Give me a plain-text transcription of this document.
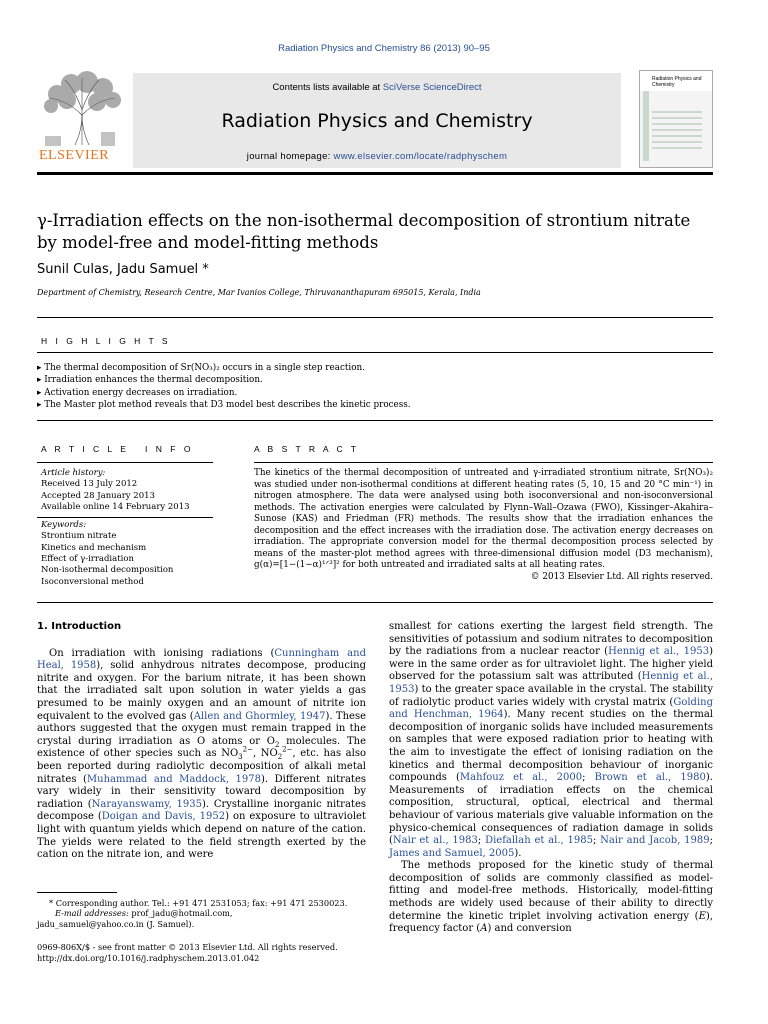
Radiation Physics and Chemistry 86 (2013) 90–95
ELSEVIER
Contents lists available at SciVerse ScienceDirect
Radiation Physics and Chemistry
journal homepage: www.elsevier.com/locate/radphyschem
Radiation Physics and Chemistry
γ-Irradiation effects on the non-isothermal decomposition of strontium nitrate by model-free and model-fitting methods
Sunil Culas, Jadu Samuel *
Department of Chemistry, Research Centre, Mar Ivanios College, Thiruvananthapuram 695015, Kerala, India
H I G H L I G H T S
▸ The thermal decomposition of Sr(NO₃)₂ occurs in a single step reaction.
▸ Irradiation enhances the thermal decomposition.
▸ Activation energy decreases on irradiation.
▸ The Master plot method reveals that D3 model best describes the kinetic process.
A R T I C L E   I N F O	A B S T R A C T
Article history:
Received 13 July 2012
Accepted 28 January 2013
Available online 14 February 2013
Keywords:
Strontium nitrate
Kinetics and mechanism
Effect of γ-irradiation
Non-isothermal decomposition
Isoconversional method
The kinetics of the thermal decomposition of untreated and γ-irradiated strontium nitrate, Sr(NO₃)₂ was studied under non-isothermal conditions at different heating rates (5, 10, 15 and 20 °C min⁻¹) in nitrogen atmosphere. The data were analysed using both isoconversional and non-isoconversional methods. The activation energies were calculated by Flynn–Wall–Ozawa (FWO), Kissinger–Akahira–Sunose (KAS) and Friedman (FR) methods. The results show that the irradiation enhances the decomposition and the effect increases with the irradiation dose. The activation energy decreases on irradiation. The appropriate conversion model for the thermal decomposition process selected by means of the master-plot method agrees with three-dimensional diffusion model (D3 mechanism), g(α)=[1−(1−α)¹ᐟ³]² for both untreated and irradiated salts at all heating rates.
© 2013 Elsevier Ltd. All rights reserved.
1. Introduction

On irradiation with ionising radiations (Cunningham and Heal, 1958), solid anhydrous nitrates decompose, producing nitrite and oxygen. For the barium nitrate, it has been shown that the irradiated salt upon solution in water yields a gas presumed to be mainly oxygen and an amount of nitrite ion equivalent to the evolved gas (Allen and Ghormley, 1947). These authors suggested that the oxygen must remain trapped in the crystal during irradiation as O atoms or $O_2$ molecules. The existence of other species such as $NO_3^{2-}$, $NO_2^{2-}$, etc. has also been reported during radiolytic decomposition of alkali metal nitrates (Muhammad and Maddock, 1978). Different nitrates vary widely in their sensitivity toward decomposition by radiation (Narayanswamy, 1935). Crystalline inorganic nitrates decompose (Doigan and Davis, 1952) on exposure to ultraviolet light with quantum yields which depend on nature of the cation. The yields were related to the field strength exerted by the cation on the nitrate ion, and were

* Corresponding author. Tel.: +91 471 2531053; fax: +91 471 2530023.
E-mail addresses: prof_jadu@hotmail.com,
jadu_samuel@yahoo.co.in (J. Samuel).
0969-806X/$ - see front matter © 2013 Elsevier Ltd. All rights reserved.
http://dx.doi.org/10.1016/j.radphyschem.2013.01.042

smallest for cations exerting the largest field strength. The sensitivities of potassium and sodium nitrates to decomposition by the radiations from a nuclear reactor (Hennig et al., 1953) were in the same order as for ultraviolet light. The higher yield observed for the potassium salt was attributed (Hennig et al., 1953) to the greater space available in the crystal. The stability of radiolytic product varies widely with crystal matrix (Golding and Henchman, 1964). Many recent studies on the thermal decomposition of inorganic solids have included measurements on samples that were exposed radiation prior to heating with the aim to investigate the effect of ionising radiation on the kinetics and thermal decomposition behaviour of inorganic compounds (Mahfouz et al., 2000; Brown et al., 1980). Measurements of irradiation effects on the chemical composition, structural, optical, electrical and thermal behaviour of various materials give valuable information on the physico-chemical consequences of radiation damage in solids (Nair et al., 1983; Diefallah et al., 1985; Nair and Jacob, 1989; James and Samuel, 2005).

The methods proposed for the kinetic study of thermal decomposition of solids are commonly classified as model-fitting and model-free methods. Historically, model-fitting methods are widely used because of their ability to directly determine the kinetic triplet involving activation energy (E), frequency factor (A) and conversion
